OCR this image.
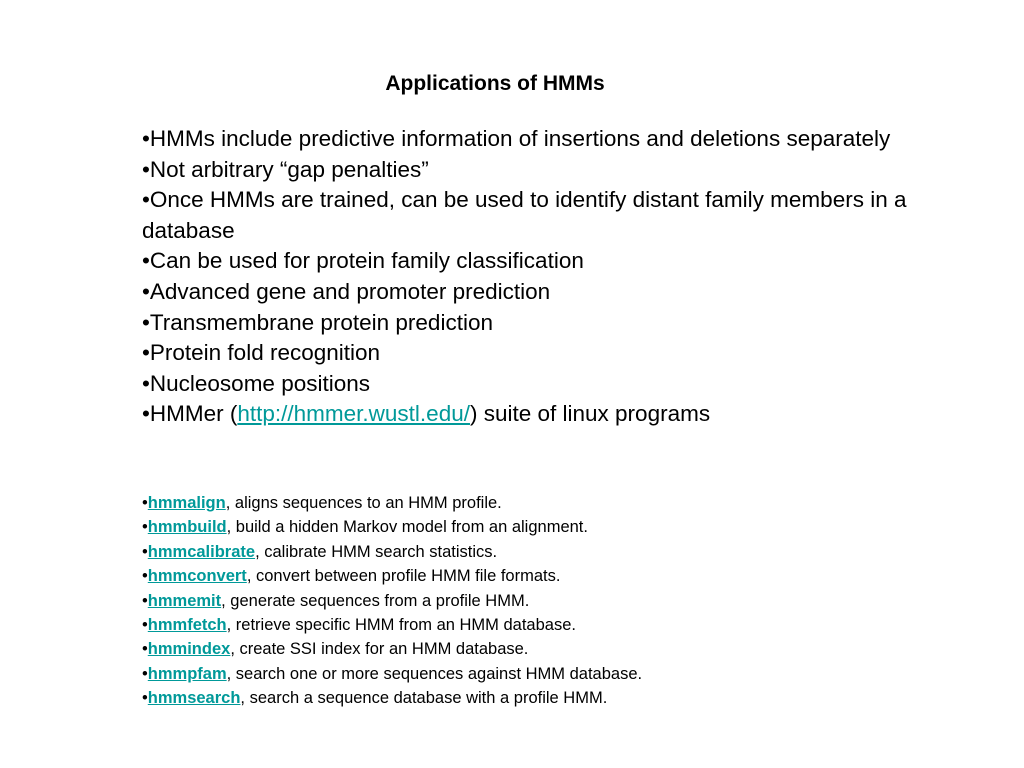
Applications of HMMs
•HMMs include predictive information of insertions and deletions separately
•Not arbitrary “gap penalties”
•Once HMMs are trained, can be used to identify distant family members in a database
•Can be used for protein family classification
•Advanced gene and promoter prediction
•Transmembrane protein prediction
•Protein fold recognition
•Nucleosome positions
•HMMer (http://hmmer.wustl.edu/) suite of linux programs
•hmmalign, aligns sequences to an HMM profile.
•hmmbuild, build a hidden Markov model from an alignment.
•hmmcalibrate, calibrate HMM search statistics.
•hmmconvert, convert between profile HMM file formats.
•hmmemit, generate sequences from a profile HMM.
•hmmfetch, retrieve specific HMM from an HMM database.
•hmmindex, create SSI index for an HMM database.
•hmmpfam, search one or more sequences against HMM database.
•hmmsearch, search a sequence database with a profile HMM.
